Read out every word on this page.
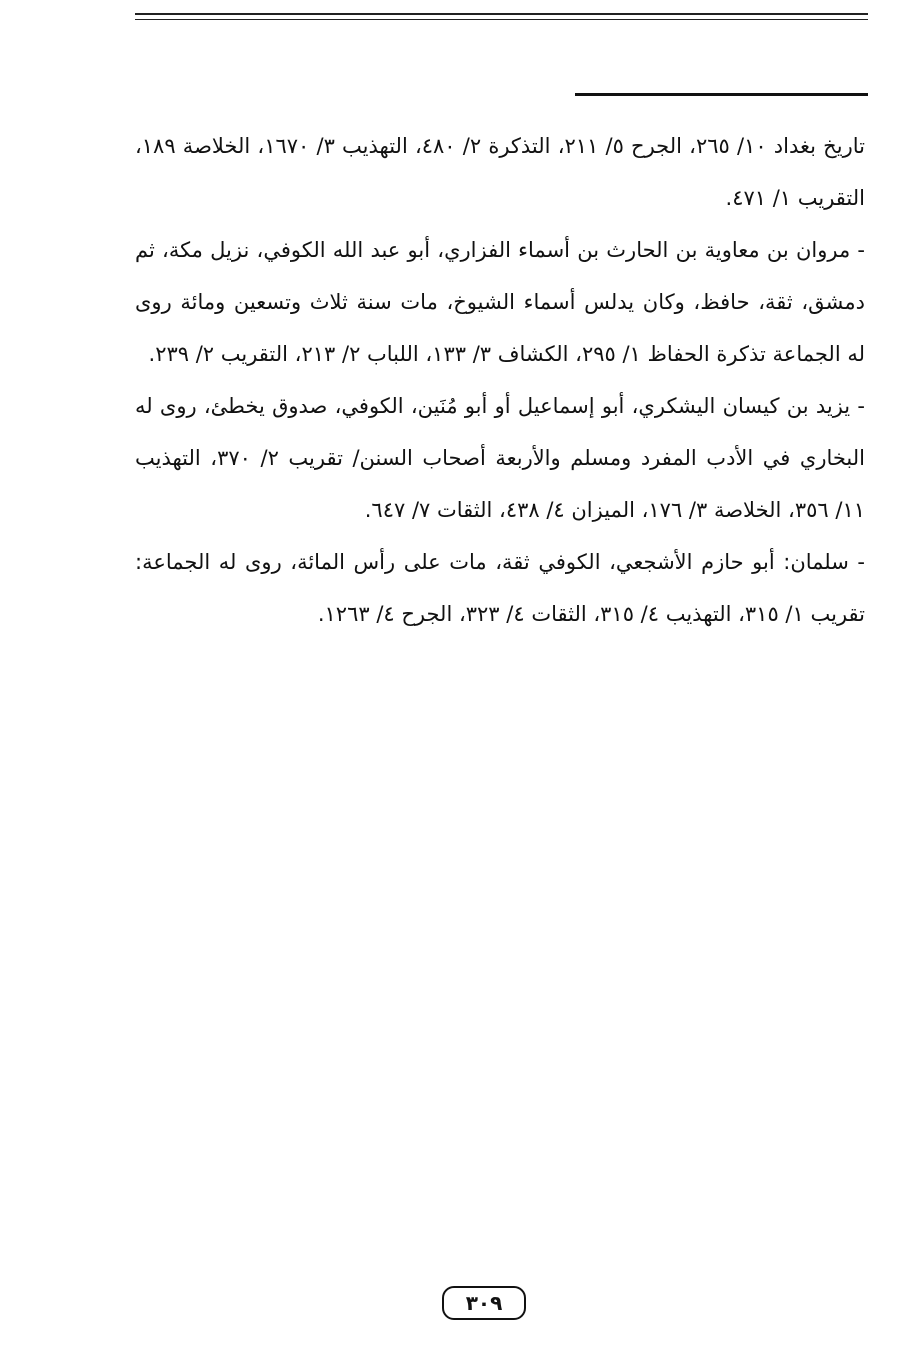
تاريخ بغداد ١٠/ ٢٦٥، الجرح ٥/ ٢١١، التذكرة ٢/ ٤٨٠، التهذيب ٣/ ١٦٧٠، الخلاصة ١٨٩، التقريب ١/ ٤٧١.

- مروان بن معاوية بن الحارث بن أسماء الفزاري، أبو عبد الله الكوفي، نزيل مكة، ثم دمشق، ثقة، حافظ، وكان يدلس أسماء الشيوخ، مات سنة ثلاث وتسعين ومائة روى له الجماعة تذكرة الحفاظ ١/ ٢٩٥، الكشاف ٣/ ١٣٣، اللباب ٢/ ٢١٣، التقريب ٢/ ٢٣٩.

- يزيد بن كيسان اليشكري، أبو إسماعيل أو أبو مُنَين، الكوفي، صدوق يخطئ، روى له البخاري في الأدب المفرد ومسلم والأربعة أصحاب السنن/ تقريب ٢/ ٣٧٠، التهذيب ١١/ ٣٥٦، الخلاصة ٣/ ١٧٦، الميزان ٤/ ٤٣٨، الثقات ٧/ ٦٤٧.

- سلمان: أبو حازم الأشجعي، الكوفي ثقة، مات على رأس المائة، روى له الجماعة: تقريب ١/ ٣١٥، التهذيب ٤/ ٣١٥، الثقات ٤/ ٣٢٣، الجرح ٤/ ١٢٦٣.

٣٠٩
